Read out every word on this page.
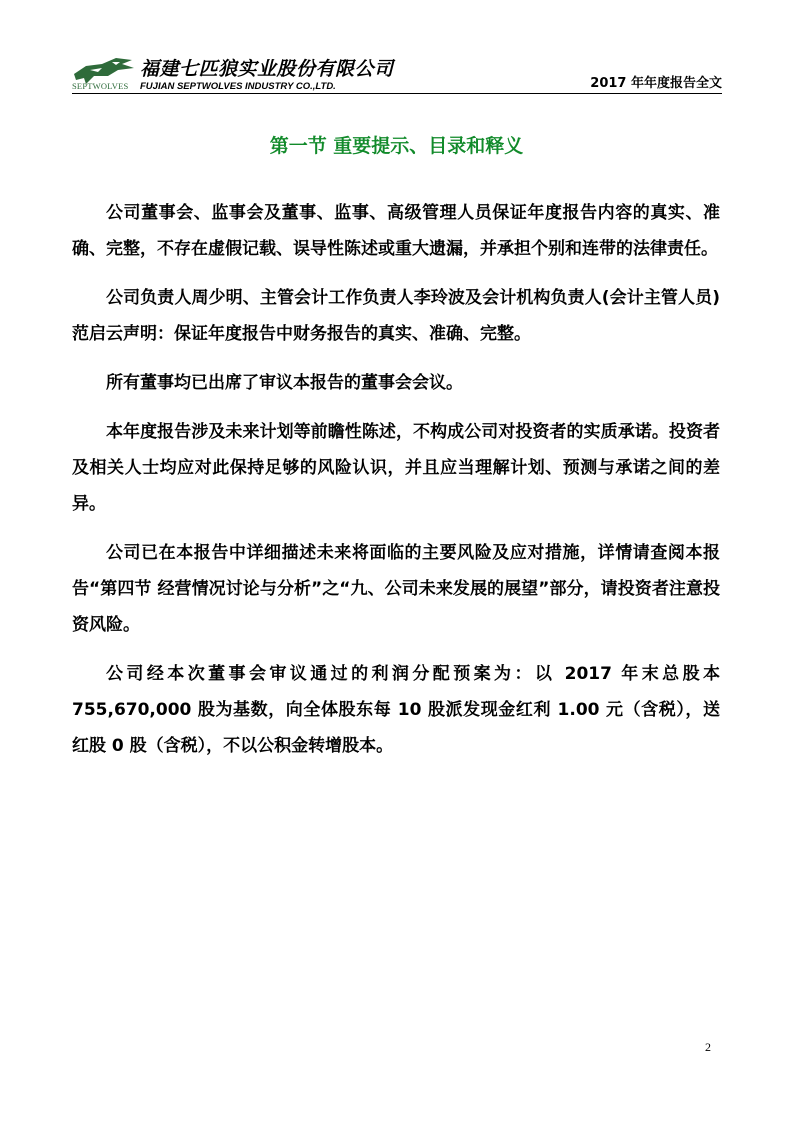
福建七匹狼实业股份有限公司
SEPTWOLVES FUJIAN SEPTWOLVES INDUSTRY CO.,LTD.	2017 年年度报告全文
第一节 重要提示、目录和释义

公司董事会、监事会及董事、监事、高级管理人员保证年度报告内容的真实、准确、完整，不存在虚假记载、误导性陈述或重大遗漏，并承担个别和连带的法律责任。

公司负责人周少明、主管会计工作负责人李玲波及会计机构负责人(会计主管人员)范启云声明：保证年度报告中财务报告的真实、准确、完整。

所有董事均已出席了审议本报告的董事会会议。

本年度报告涉及未来计划等前瞻性陈述，不构成公司对投资者的实质承诺。投资者及相关人士均应对此保持足够的风险认识，并且应当理解计划、预测与承诺之间的差异。

公司已在本报告中详细描述未来将面临的主要风险及应对措施，详情请查阅本报告“第四节 经营情况讨论与分析”之“九、公司未来发展的展望”部分，请投资者注意投资风险。

公司经本次董事会审议通过的利润分配预案为：以 2017 年末总股本755,670,000 股为基数，向全体股东每 10 股派发现金红利 1.00 元（含税），送红股 0 股（含税），不以公积金转增股本。

2
